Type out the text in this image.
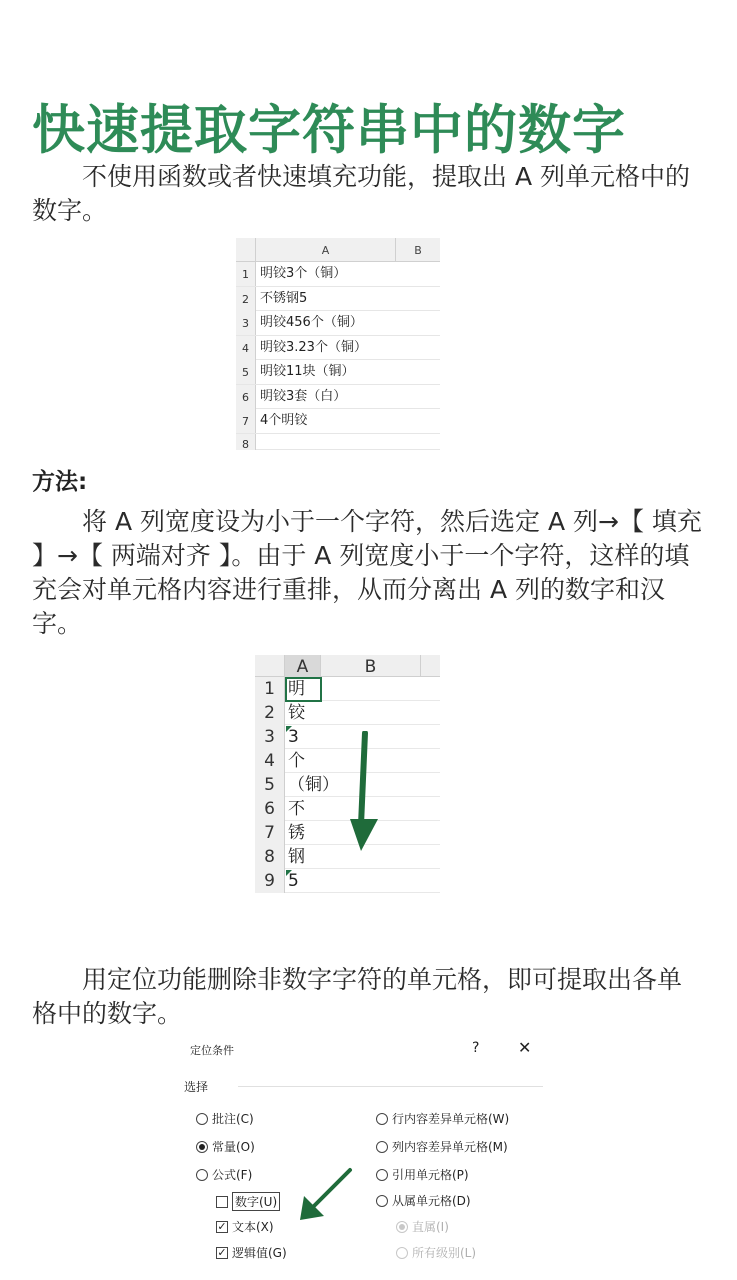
快速提取字符串中的数字
不使用函数或者快速填充功能，提取出 A 列单元格中的数字。
A	B
1 明铰3个（铜）
2 不锈钢5
3 明铰456个（铜）
4 明铰3.23个（铜）
5 明铰11块（铜）
6 明铰3套（白）
7 4个明铰
8
方法:
将 A 列宽度设为小于一个字符，然后选定 A 列→【 填充 】→【 两端对齐 】。由于 A 列宽度小于一个字符，这样的填充会对单元格内容进行重排，从而分离出 A 列的数字和汉字。
A	B
1 明
2 铰
3 3
4 个
5 （铜）
6 不
7 锈
8 钢
9 5
用定位功能删除非数字字符的单元格，即可提取出各单格中的数字。
定位条件	? ✕
选择
批注(C)
常量(O)
公式(F)
数字(U)
✓ 文本(X)
✓ 逻辑值(G)
行内容差异单元格(W)
列内容差异单元格(M)
引用单元格(P)
从属单元格(D)
直属(I)
所有级别(L)
